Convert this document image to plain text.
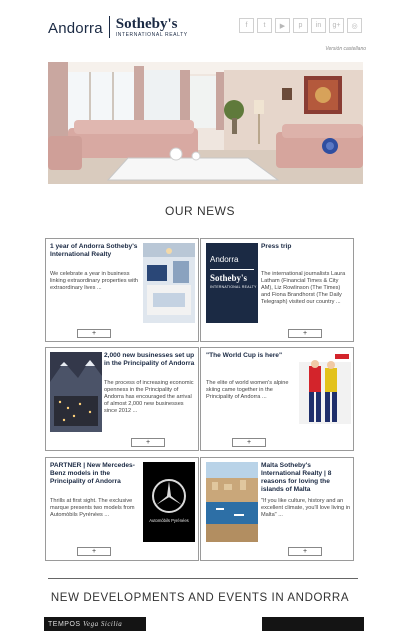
Andorra Sotheby's
INTERNATIONAL REALTY
f	t	▶	p	in	g+	◎
Versión castellano
OUR NEWS
1 year of Andorra Sotheby's International Realty
We celebrate a year in business linking extraordinary properties with extraordinary lives ...
+
Andorra
Sotheby's
INTERNATIONAL REALTY
Press trip
The international journalists Laura Latham (Financial Times & City AM), Liz Rowlinson (The Times) and Fiona Brandhorst (The Daily Telegraph) visited our country ...
+
2,000 new businesses set up in the Principality of Andorra
The process of increasing economic openness in the Principality of Andorra has encouraged the arrival of almost 2,000 new businesses since 2012 ...
+
"The World Cup is here"
The elite of world women's alpine skiing came together in the Principality of Andorra ...
+
PARTNER | New Mercedes-Benz models in the Principality of Andorra
Thrills at first sight. The exclusive marque presents two models from Automòbils Pyrénées ...
Automòbils Pyrénées
+
Malta Sotheby's International Realty | 8 reasons for loving the islands of Malta
"If you like culture, history and an excellent climate, you'll love living in Malta" ...
+
NEW DEVELOPMENTS AND EVENTS IN ANDORRA
TEMPOS Vega Sicilia
